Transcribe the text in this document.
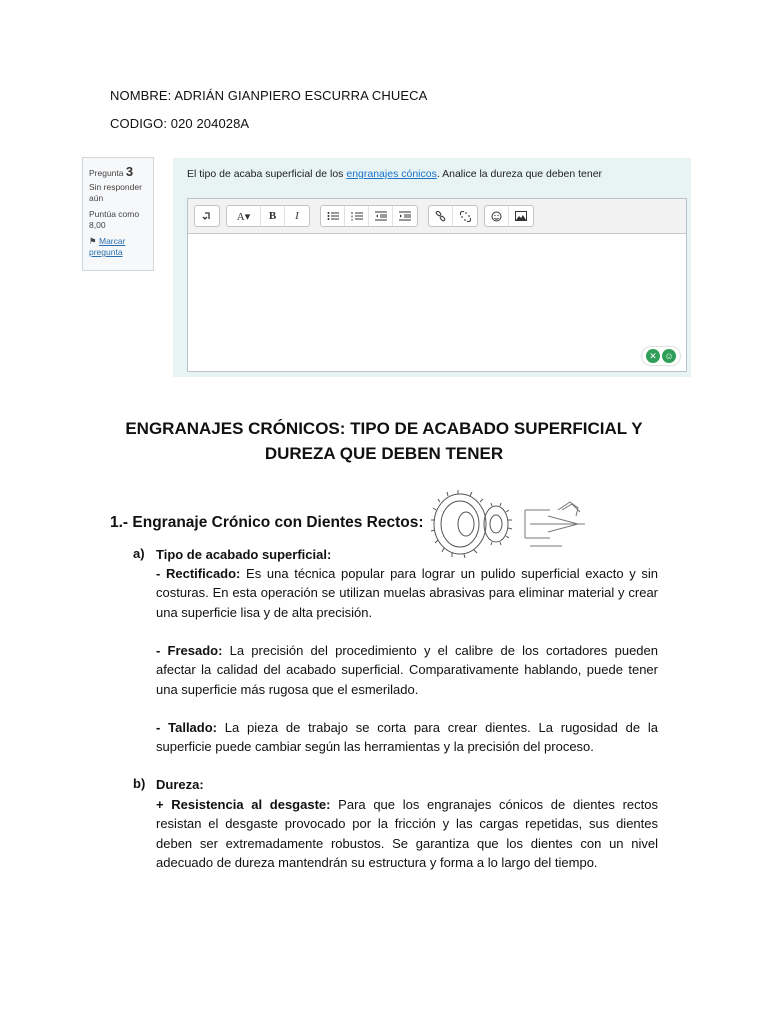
NOMBRE: ADRIÁN GIANPIERO ESCURRA CHUECA
CODIGO: 020 204028A
Pregunta 3
Sin responder aún
Puntúa como 8,00
⚑ Marcar pregunta
El tipo de acaba superficial de los engranajes cónicos. Analice la dureza que deben tener
A▾	B	I
✕ ☺
ENGRANAJES CRÓNICOS: TIPO DE ACABADO SUPERFICIAL Y DUREZA QUE DEBEN TENER
1.- Engranaje Crónico con Dientes Rectos:
a) Tipo de acabado superficial:
- Rectificado: Es una técnica popular para lograr un pulido superficial exacto y sin costuras. En esta operación se utilizan muelas abrasivas para eliminar material y crear una superficie lisa y de alta precisión.
- Fresado: La precisión del procedimiento y el calibre de los cortadores pueden afectar la calidad del acabado superficial. Comparativamente hablando, puede tener una superficie más rugosa que el esmerilado.
- Tallado: La pieza de trabajo se corta para crear dientes. La rugosidad de la superficie puede cambiar según las herramientas y la precisión del proceso.
b) Dureza:
+ Resistencia al desgaste: Para que los engranajes cónicos de dientes rectos resistan el desgaste provocado por la fricción y las cargas repetidas, sus dientes deben ser extremadamente robustos. Se garantiza que los dientes con un nivel adecuado de dureza mantendrán su estructura y forma a lo largo del tiempo.
